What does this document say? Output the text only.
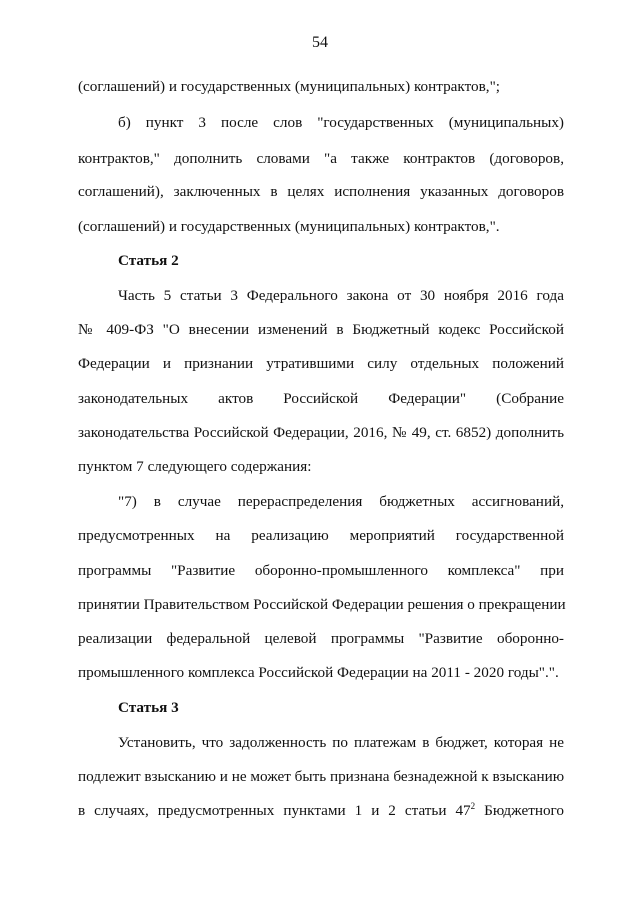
54
(соглашений) и государственных (муниципальных) контрактов,";
б) пункт 3 после слов "государственных (муниципальных)
контрактов," дополнить словами "а также контрактов (договоров,
соглашений), заключенных в целях исполнения указанных договоров
(соглашений) и государственных (муниципальных) контрактов,".
Статья 2
Часть 5 статьи 3 Федерального закона от 30 ноября 2016 года
№ 409-ФЗ "О внесении изменений в Бюджетный кодекс Российской
Федерации и признании утратившими силу отдельных положений
законодательных актов Российской Федерации" (Собрание
законодательства Российской Федерации, 2016, № 49, ст. 6852) дополнить
пунктом 7 следующего содержания:
"7) в случае перераспределения бюджетных ассигнований,
предусмотренных на реализацию мероприятий государственной
программы "Развитие оборонно-промышленного комплекса" при
принятии Правительством Российской Федерации решения о прекращении
реализации федеральной целевой программы "Развитие оборонно-
промышленного комплекса Российской Федерации на 2011 - 2020 годы".".
Статья 3
Установить, что задолженность по платежам в бюджет, которая не
подлежит взысканию и не может быть признана безнадежной к взысканию
в случаях, предусмотренных пунктами 1 и 2 статьи $47^2$ Бюджетного
